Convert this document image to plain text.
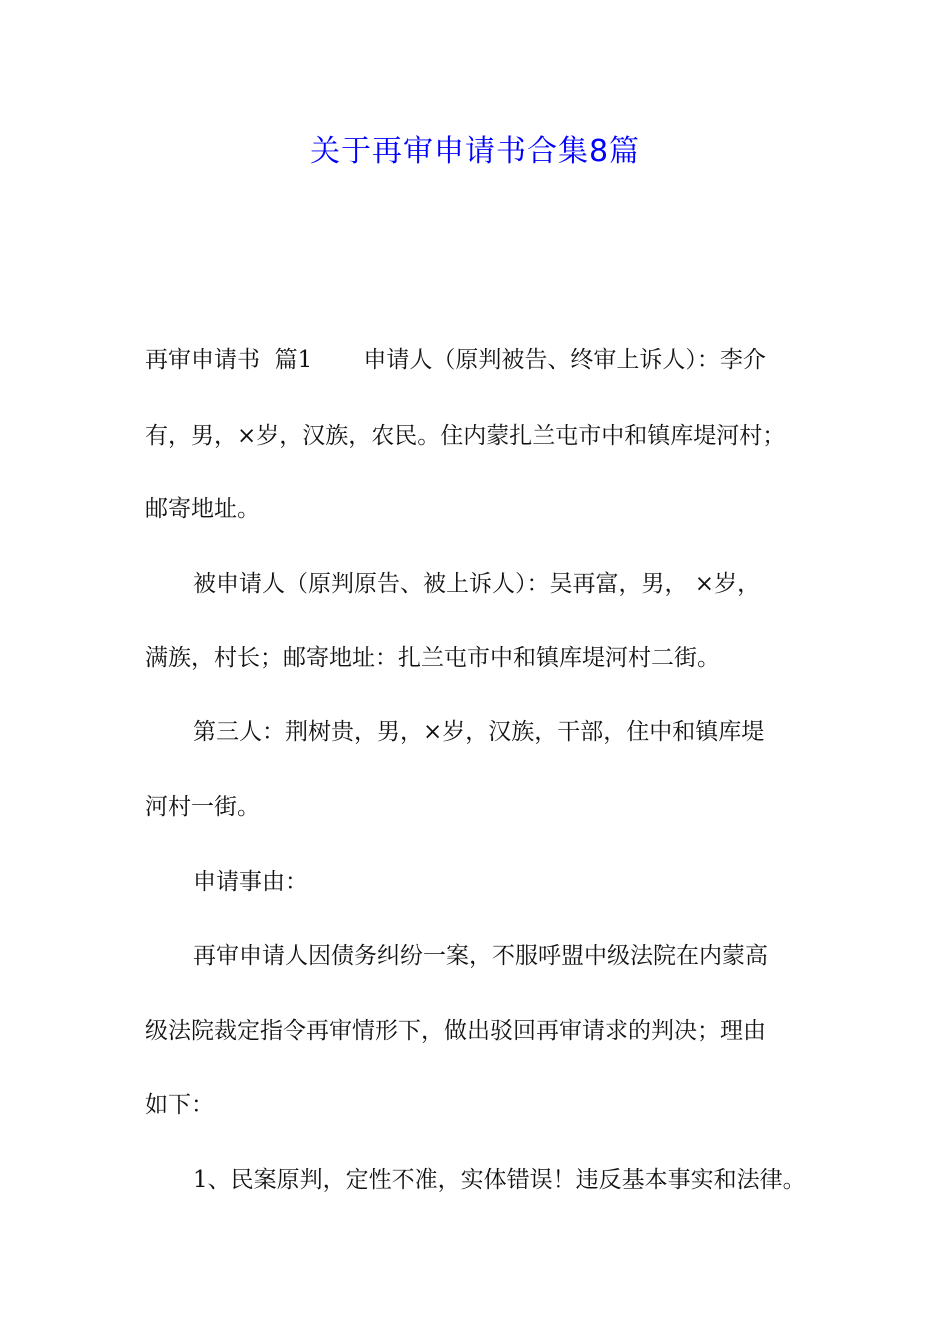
关于再审申请书合集8篇

再审申请书  篇1       申请人（原判被告、终审上诉人）：李介

有，男，×岁，汉族，农民。住内蒙扎兰屯市中和镇库堤河村；

邮寄地址。

被申请人（原判原告、被上诉人）：吴再富，男， ×岁，

满族，村长；邮寄地址：扎兰屯市中和镇库堤河村二街。

第三人：荆树贵，男，×岁，汉族，干部，住中和镇库堤

河村一街。

申请事由：

再审申请人因债务纠纷一案，不服呼盟中级法院在内蒙高

级法院裁定指令再审情形下，做出驳回再审请求的判决；理由

如下：

1、民案原判，定性不准，实体错误！违反基本事实和法律。
